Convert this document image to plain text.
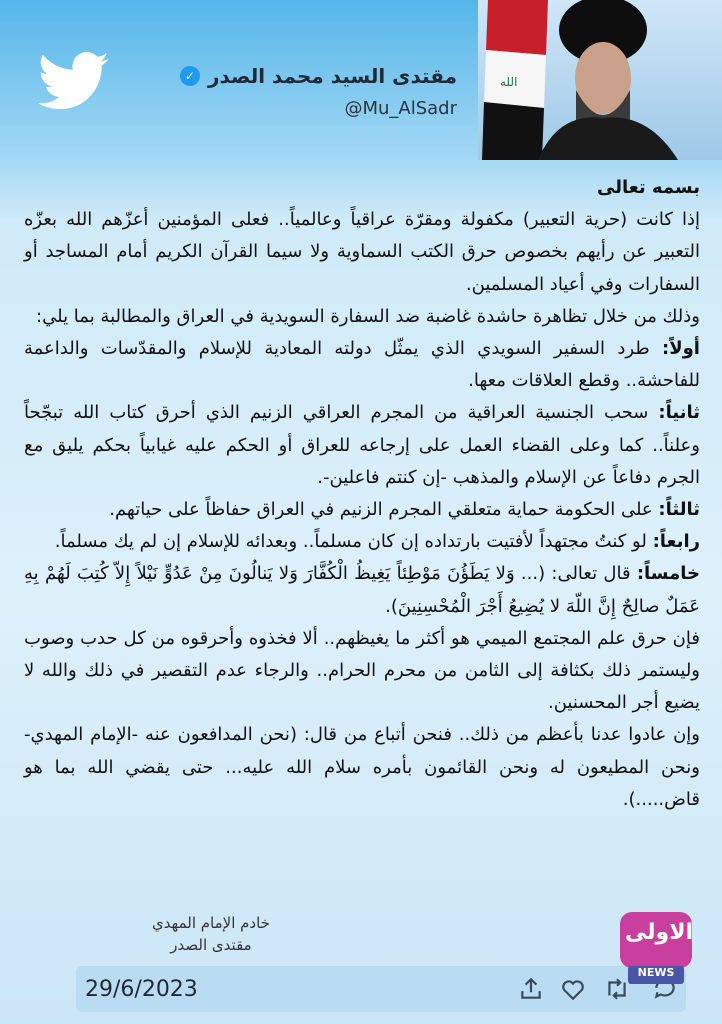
مقتدى السيد محمد الصدر
✓
@Mu_AlSadr
الله

بسمه تعالى

إذا كانت (حرية التعبير) مكفولة ومقرّة عراقياً وعالمياً.. فعلى المؤمنين أعزّهم الله بعزّه التعبير عن رأيهم بخصوص حرق الكتب السماوية ولا سيما القرآن الكريم أمام المساجد أو السفارات وفي أعياد المسلمين.

وذلك من خلال تظاهرة حاشدة غاضبة ضد السفارة السويدية في العراق والمطالبة بما يلي:

أولاً: طرد السفير السويدي الذي يمثّل دولته المعادية للإسلام والمقدّسات والداعمة للفاحشة.. وقطع العلاقات معها.

ثانياً: سحب الجنسية العراقية من المجرم العراقي الزنيم الذي أحرق كتاب الله تبجّحاً وعلناً.. كما وعلى القضاء العمل على إرجاعه للعراق أو الحكم عليه غيابياً بحكم يليق مع الجرم دفاعاً عن الإسلام والمذهب -إن كنتم فاعلين-.

ثالثاً: على الحكومة حماية متعلقي المجرم الزنيم في العراق حفاظاً على حياتهم.

رابعاً: لو كنتُ مجتهداً لأفتيت بارتداده إن كان مسلماً.. وبعدائه للإسلام إن لم يك مسلماً.

خامساً: قال تعالى: (... وَلا يَطَؤُنَ مَوْطِئاً يَغِيظُ الْكُفَّارَ وَلا يَنالُونَ مِنْ عَدُوٍّ نَيْلاً إِلاّ كُتِبَ لَهُمْ بِهِ عَمَلٌ صالِحٌ إِنَّ اللّهَ لا يُضِيعُ أَجْرَ الْمُحْسِنِينَ).

فإن حرق علم المجتمع الميمي هو أكثر ما يغيظهم.. ألا فخذوه وأحرقوه من كل حدب وصوب وليستمر ذلك بكثافة إلى الثامن من محرم الحرام.. والرجاء عدم التقصير في ذلك والله لا يضيع أجر المحسنين.

وإن عادوا عدنا بأعظم من ذلك.. فنحن أتباع من قال: (نحن المدافعون عنه -الإمام المهدي- ونحن المطيعون له ونحن القائمون بأمره سلام الله عليه... حتى يقضي الله بما هو قاض.....).

خادم الإمام المهدي
مقتدى الصدر
29/6/2023
الاولى
NEWS
